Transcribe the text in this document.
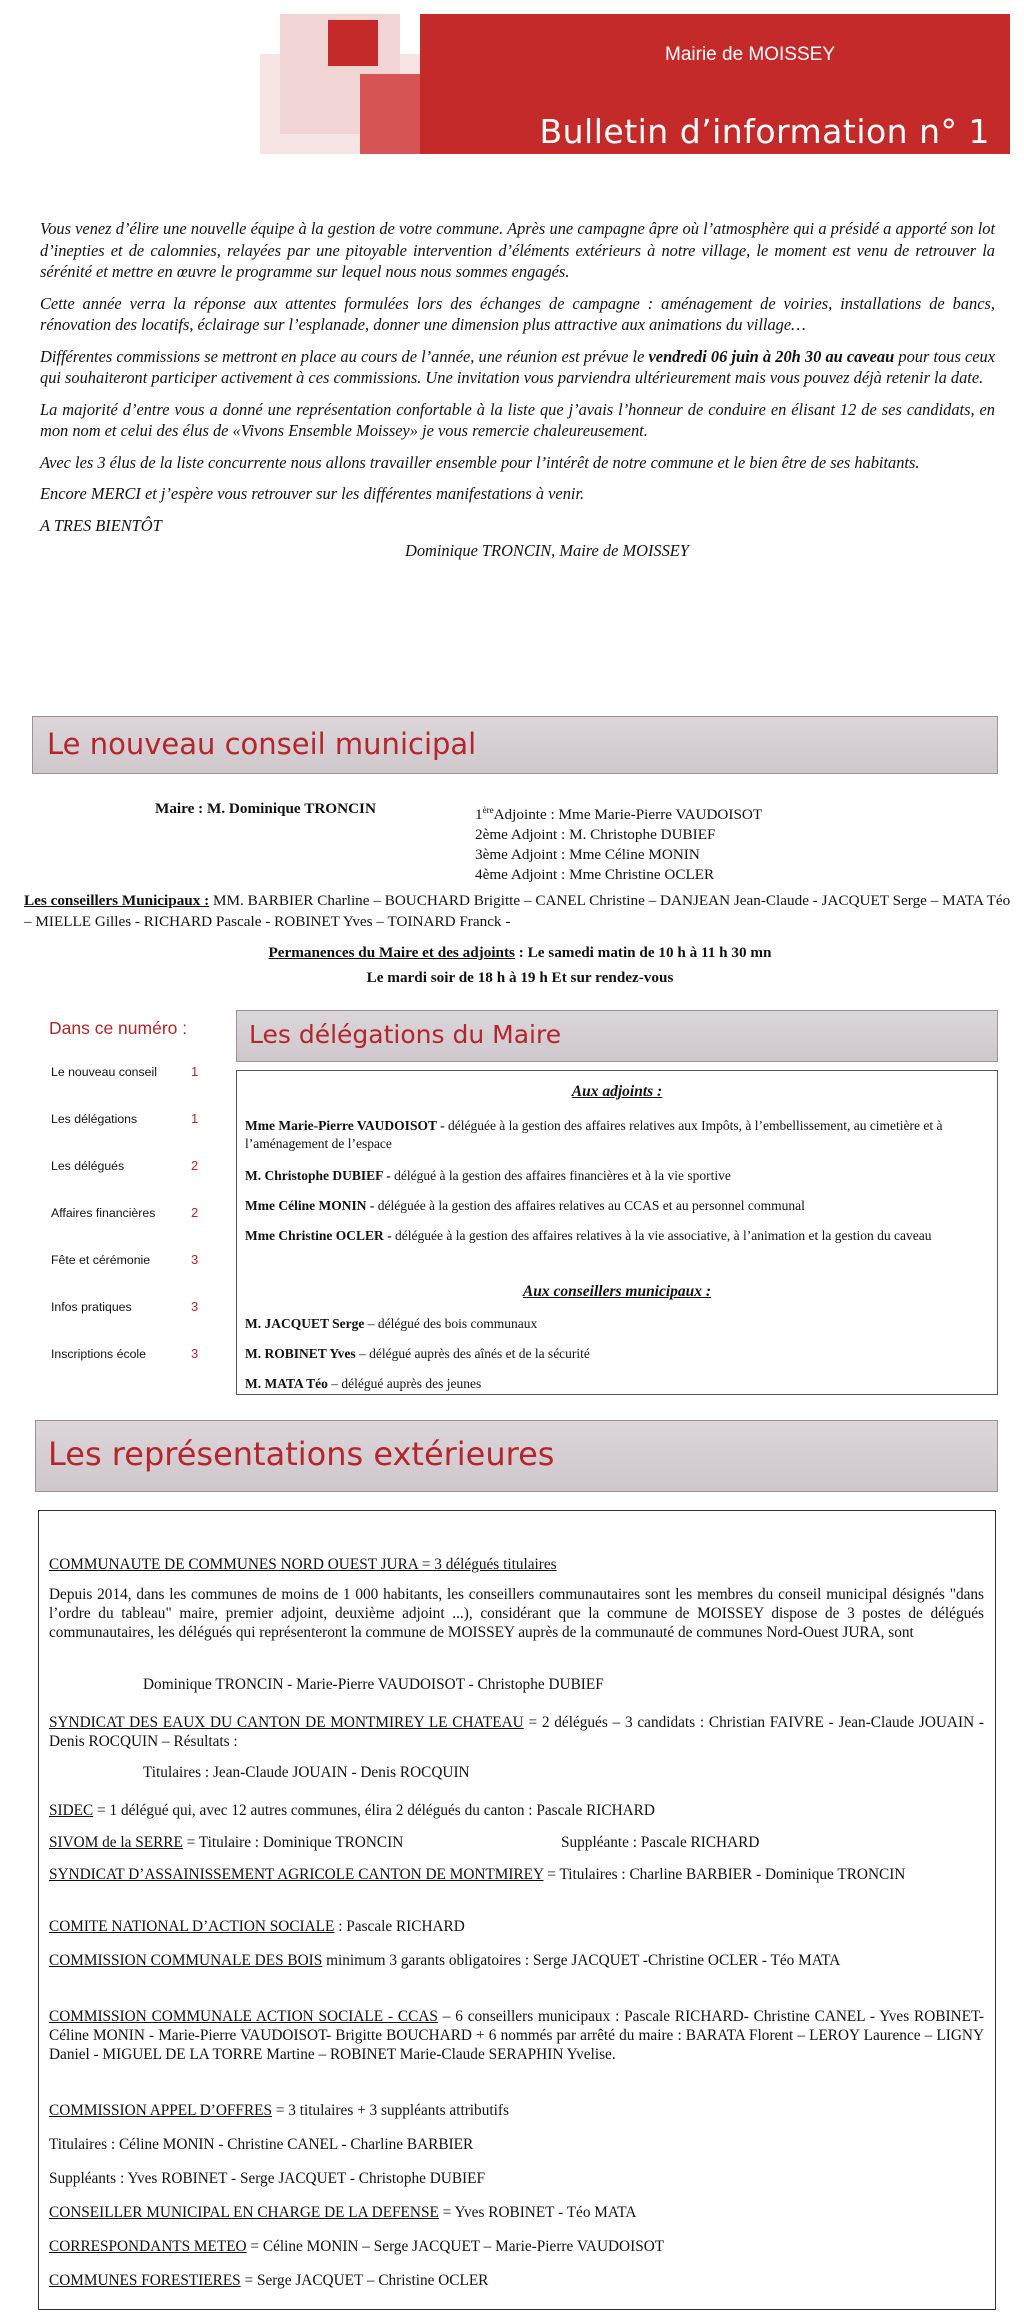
Mairie de MOISSEY
Bulletin d’information n° 1

Vous venez d’élire une nouvelle équipe à la gestion de votre commune. Après une campagne âpre où l’atmosphère qui a présidé a apporté son lot d’inepties et de calomnies, relayées par une pitoyable intervention d’éléments extérieurs à notre village, le moment est venu de retrouver la sérénité et mettre en œuvre le programme sur lequel nous nous sommes engagés.

Cette année verra la réponse aux attentes formulées lors des échanges de campagne : aménagement de voiries, installations de bancs, rénovation des locatifs, éclairage sur l’esplanade, donner une dimension plus attractive aux animations du village…

Différentes commissions se mettront en place au cours de l’année, une réunion est prévue le vendredi 06 juin à 20h 30 au caveau pour tous ceux qui souhaiteront participer activement à ces commissions. Une invitation vous parviendra ultérieurement mais vous pouvez déjà retenir la date.

La majorité d’entre vous a donné une représentation confortable à la liste que j’avais l’honneur de conduire en élisant 12 de ses candidats, en mon nom et celui des élus de «Vivons Ensemble Moissey» je vous remercie chaleureusement.

Avec les 3 élus de la liste concurrente nous allons travailler ensemble pour l’intérêt de notre commune et le bien être de ses habitants.

Encore MERCI et j’espère vous retrouver sur les différentes manifestations à venir.

A TRES BIENTÔT

Dominique TRONCIN, Maire de MOISSEY

Le nouveau conseil municipal
Maire : M. Dominique TRONCIN	1èreAdjointe : Mme Marie-Pierre VAUDOISOT
2ème Adjoint : M. Christophe DUBIEF
3ème Adjoint : Mme Céline MONIN
4ème Adjoint : Mme Christine OCLER
Les conseillers Municipaux : MM. BARBIER Charline – BOUCHARD Brigitte – CANEL Christine – DANJEAN Jean-Claude - JACQUET Serge – MATA Téo – MIELLE Gilles - RICHARD Pascale - ROBINET Yves – TOINARD Franck -
Permanences du Maire et des adjoints : Le samedi matin de 10 h à 11 h 30 mn
Le mardi soir de 18 h à 19 h Et sur rendez-vous
Dans ce numéro :
Le nouveau conseil	1
Les délégations	1
Les délégués	2
Affaires financières	2
Fête et cérémonie	3
Infos pratiques	3
Inscriptions école	3
Les délégations du Maire
Aux adjoints :
Mme Marie-Pierre VAUDOISOT - déléguée à la gestion des affaires relatives aux Impôts, à l’embellissement, au cimetière et à l’aménagement de l’espace
M. Christophe DUBIEF - délégué à la gestion des affaires financières et à la vie sportive
Mme Céline MONIN - déléguée à la gestion des affaires relatives au CCAS et au personnel communal
Mme Christine OCLER - déléguée à la gestion des affaires relatives à la vie associative, à l’animation et la gestion du caveau
Aux conseillers municipaux :
M. JACQUET Serge – délégué des bois communaux
M. ROBINET Yves – délégué auprès des aînés et de la sécurité
M. MATA Téo – délégué auprès des jeunes
Les représentations extérieures
COMMUNAUTE DE COMMUNES NORD OUEST JURA = 3 délégués titulaires
Depuis 2014, dans les communes de moins de 1 000 habitants, les conseillers communautaires sont les membres du conseil municipal désignés "dans l’ordre du tableau" maire, premier adjoint, deuxième adjoint ...), considérant que la commune de MOISSEY dispose de 3 postes de délégués communautaires, les délégués qui représenteront la commune de MOISSEY auprès de la communauté de communes Nord-Ouest JURA, sont
Dominique TRONCIN - Marie-Pierre VAUDOISOT - Christophe DUBIEF
SYNDICAT DES EAUX DU CANTON DE MONTMIREY LE CHATEAU = 2 délégués – 3 candidats : Christian FAIVRE - Jean-Claude JOUAIN - Denis ROCQUIN – Résultats :
Titulaires : Jean-Claude JOUAIN - Denis ROCQUIN
SIDEC = 1 délégué qui, avec 12 autres communes, élira 2 délégués du canton : Pascale RICHARD
SIVOM de la SERRE = Titulaire : Dominique TRONCIN	Suppléante : Pascale RICHARD
SYNDICAT D’ASSAINISSEMENT AGRICOLE CANTON DE MONTMIREY = Titulaires : Charline BARBIER - Dominique TRONCIN
COMITE NATIONAL D’ACTION SOCIALE : Pascale RICHARD
COMMISSION COMMUNALE DES BOIS minimum 3 garants obligatoires : Serge JACQUET -Christine OCLER - Téo MATA
COMMISSION COMMUNALE ACTION SOCIALE - CCAS – 6 conseillers municipaux : Pascale RICHARD- Christine CANEL - Yves ROBINET- Céline MONIN - Marie-Pierre VAUDOISOT- Brigitte BOUCHARD + 6 nommés par arrêté du maire : BARATA Florent – LEROY Laurence – LIGNY Daniel - MIGUEL DE LA TORRE Martine – ROBINET Marie-Claude SERAPHIN Yvelise.
COMMISSION APPEL D’OFFRES = 3 titulaires + 3 suppléants attributifs
Titulaires : Céline MONIN - Christine CANEL - Charline BARBIER
Suppléants : Yves ROBINET - Serge JACQUET - Christophe DUBIEF
CONSEILLER MUNICIPAL EN CHARGE DE LA DEFENSE = Yves ROBINET - Téo MATA
CORRESPONDANTS METEO = Céline MONIN – Serge JACQUET – Marie-Pierre VAUDOISOT
COMMUNES FORESTIERES = Serge JACQUET – Christine OCLER
